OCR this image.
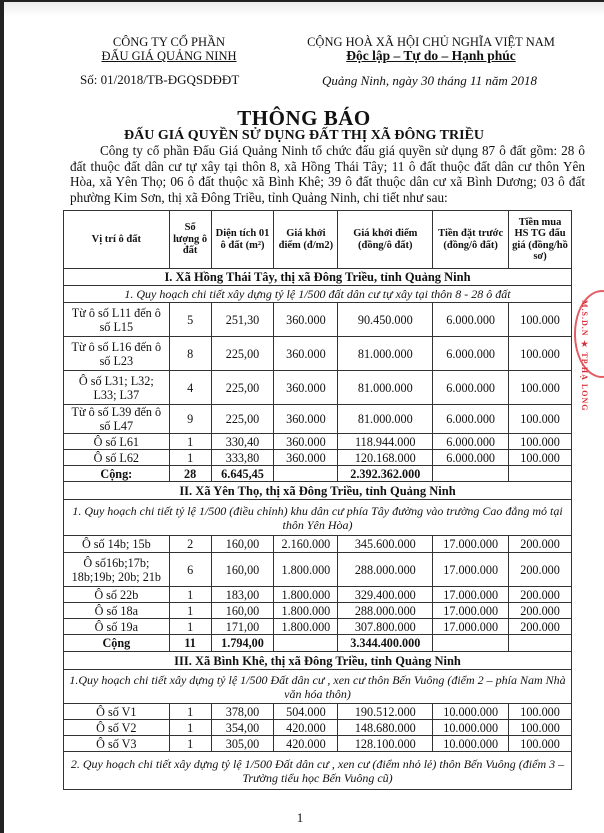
CÔNG TY CỔ PHẦN
ĐẤU GIÁ QUẢNG NINH
CỘNG HOÀ XÃ HỘI CHỦ NGHĨA VIỆT NAM
Độc lập – Tự do – Hạnh phúc
Số: 01/2018/TB-ĐGQSDĐĐT	Quảng Ninh, ngày 30 tháng 11 năm 2018
THÔNG BÁO
ĐẤU GIÁ QUYỀN SỬ DỤNG ĐẤT THỊ XÃ ĐÔNG TRIỀU
Công ty cổ phần Đấu Giá Quảng Ninh tổ chức đấu giá quyền sử dụng 87 ô đất gồm: 28 ô đất thuộc đất dân cư tự xây tại thôn 8, xã Hồng Thái Tây; 11 ô đất thuộc đất dân cư thôn Yên Hòa, xã Yên Thọ; 06 ô đất thuộc xã Bình Khê; 39 ô đất thuộc dân cư xã Bình Dương; 03 ô đất phường Kim Sơn, thị xã Đông Triều, tỉnh Quảng Ninh, chi tiết như sau:
Vị trí ô đất	Số lượng ô đất	Diện tích 01 ô đất (m²)	Giá khởi điểm (đ/m2)	Giá khởi điểm (đồng/ô đất)	Tiền đặt trước (đồng/ô đất)	Tiền mua HS TG đấu giá (đồng/hồ sơ)
I. Xã Hồng Thái Tây, thị xã Đông Triều, tỉnh Quảng Ninh						
1. Quy hoạch chi tiết xây dựng tỷ lệ 1/500 đất dân cư tự xây tại thôn 8 - 28 ô đất						
Từ ô số L11 đến ô số L15	5	251,30	360.000	90.450.000	6.000.000	100.000
Từ ô số L16 đến ô số L23	8	225,00	360.000	81.000.000	6.000.000	100.000
Ô số L31; L32; L33; L37	4	225,00	360.000	81.000.000	6.000.000	100.000
Từ ô số L39 đến ô số L47	9	225,00	360.000	81.000.000	6.000.000	100.000
Ô số L61	1	330,40	360.000	118.944.000	6.000.000	100.000
Ô số L62	1	333,80	360.000	120.168.000	6.000.000	100.000
Cộng:	28	6.645,45		2.392.362.000		
II. Xã Yên Thọ, thị xã Đông Triều, tỉnh Quảng Ninh						
1. Quy hoạch chi tiết tỷ lệ 1/500 (điều chỉnh) khu dân cư phía Tây đường vào trường Cao đẳng mỏ tại thôn Yên Hòa)						
Ô số 14b; 15b	2	160,00	2.160.000	345.600.000	17.000.000	200.000
Ô số16b;17b; 18b;19b; 20b; 21b	6	160,00	1.800.000	288.000.000	17.000.000	200.000
Ô số 22b	1	183,00	1.800.000	329.400.000	17.000.000	200.000
Ô số 18a	1	160,00	1.800.000	288.000.000	17.000.000	200.000
Ô số 19a	1	171,00	1.800.000	307.800.000	17.000.000	200.000
Cộng	11	1.794,00		3.344.400.000		
III. Xã Bình Khê, thị xã Đông Triều, tỉnh Quảng Ninh						
1.Quy hoạch chi tiết xây dựng tỷ lệ 1/500 Đất dân cư , xen cư thôn Bến Vuông (điểm 2 – phía Nam Nhà văn hóa thôn)						
Ô số V1	1	378,00	504.000	190.512.000	10.000.000	100.000
Ô số V2	1	354,00	420.000	148.680.000	10.000.000	100.000
Ô số V3	1	305,00	420.000	128.100.000	10.000.000	100.000
2. Quy hoạch chi tiết xây dựng tỷ lệ 1/500 Đất dân cư , xen cư (điểm nhỏ lẻ) thôn Bến Vuông (điểm 3 – Trường tiểu học Bến Vuông cũ)						
M.S.D.N ★ TP.HẠ LONG
1
